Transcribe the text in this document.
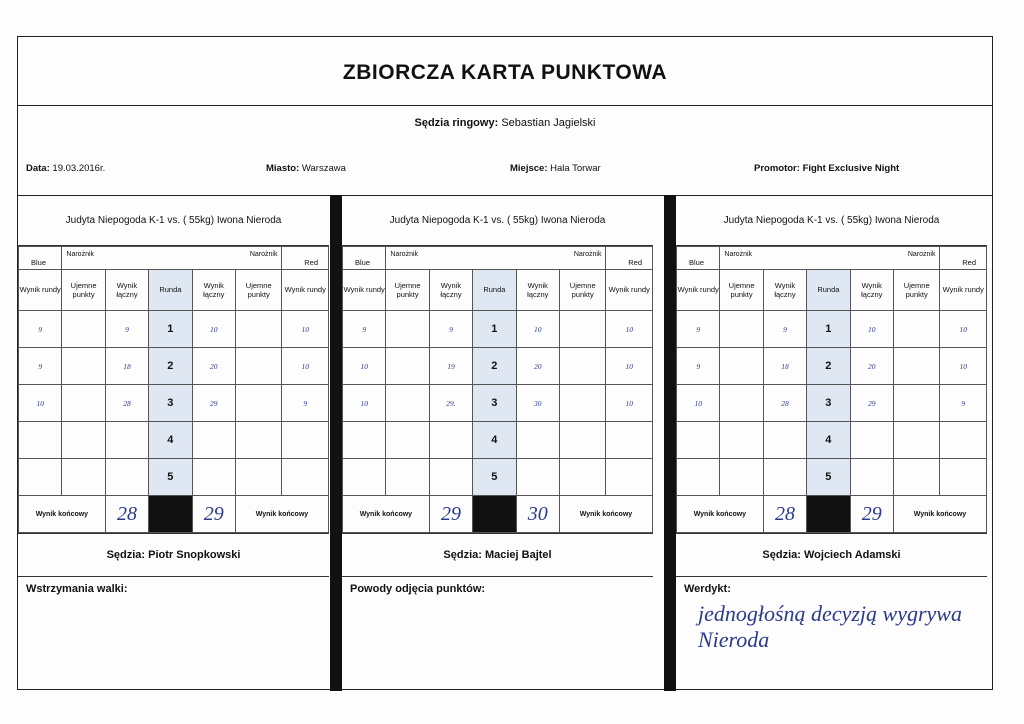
ZBIORCZA KARTA PUNKTOWA
Sędzia ringowy: Sebastian Jagielski
Data: 19.03.2016r.	Miasto: Warszawa	Miejsce: Hala Torwar	Promotor: Fight Exclusive Night
Judyta Niepogoda K-1 vs. ( 55kg) Iwona Nieroda
Blue	Narożnik Narożnik					Red

Wynik rundy	Ujemne punkty	Wynik łączny	Runda	Wynik łączny	Ujemne punkty	Wynik rundy
9		9	1	10		10
9		18	2	20		10
10		28	3	29		9
			4			
			5			
Wynik końcowy		28		29	Wynik końcowy	
Sędzia:
Piotr Snopkowski
Wstrzymania walki:
Judyta Niepogoda K-1 vs. ( 55kg) Iwona Nieroda
Blue	Narożnik Narożnik					Red

Wynik rundy	Ujemne punkty	Wynik łączny	Runda	Wynik łączny	Ujemne punkty	Wynik rundy
9		9	1	10		10
10		19	2	20		10
10		29.	3	30		10
			4			
			5			
Wynik końcowy		29		30	Wynik końcowy	
Sędzia:
Maciej Bajtel
Powody odjęcia punktów:
Judyta Niepogoda K-1 vs. ( 55kg) Iwona Nieroda
Blue	Narożnik Narożnik					Red

Wynik rundy	Ujemne punkty	Wynik łączny	Runda	Wynik łączny	Ujemne punkty	Wynik rundy
9		9	1	10		10
9		18	2	20		10
10		28	3	29		9
			4			
			5			
Wynik końcowy		28		29	Wynik końcowy	
Sędzia:
Wojciech Adamski
Werdykt:
jednogłośną decyzją wygrywa Nieroda
